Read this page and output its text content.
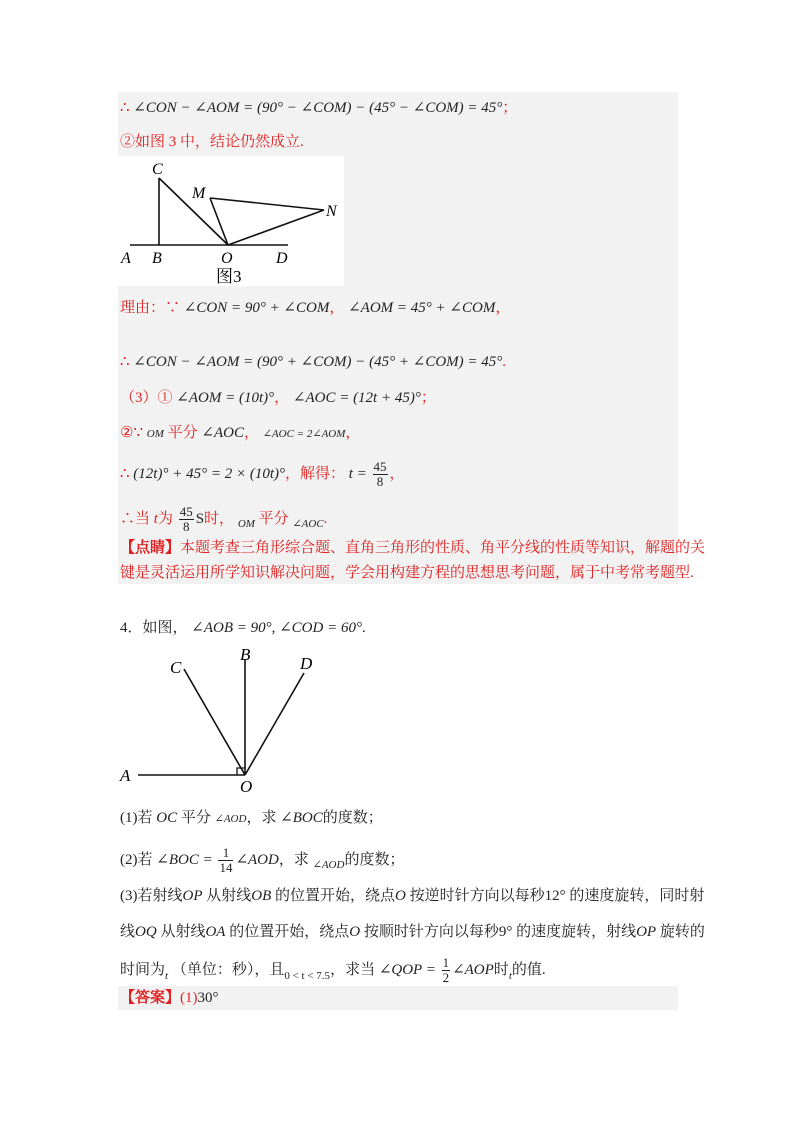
∴ ∠CON − ∠AOM = (90° − ∠COM) − (45° − ∠COM) = 45°；
②如图 3 中，结论仍然成立.
C
M
N
A B	O	D
图3
理由：∵ ∠CON = 90° + ∠COM， ∠AOM = 45° + ∠COM，
∴ ∠CON − ∠AOM = (90° + ∠COM) − (45° + ∠COM) = 45°.
（3）① ∠AOM = (10t)°， ∠AOC = (12t + 45)°；
②∵ OM 平分 ∠AOC， ∠AOC = 2∠AOM，
∴ (12t)° + 45° = 2 × (10t)°，解得： $t = \frac{45}{8}$ ，
∴当 t为 $\frac{45}{8}$ S时， $_{OM}$ 平分 $_{\angle AOC}$.
【点睛】本题考查三角形综合题、直角三角形的性质、角平分线的性质等知识，解题的关
键是灵活运用所学知识解决问题，学会用构建方程的思想思考问题，属于中考常考题型.
4．如图， ∠AOB = 90°, ∠COD = 60°.
A
B
C	D
O
(1)若 OC 平分 ∠AOD，求 ∠BOC的度数；
(2)若 ∠BOC = $\frac{1}{14}$ ∠AOD，求 $_{\angle AOD}$的度数；
(3)若射线OP 从射线OB 的位置开始，绕点O 按逆时针方向以每秒12° 的速度旋转，同时射
线OQ 从射线OA 的位置开始，绕点O 按顺时针方向以每秒9° 的速度旋转，射线OP 旋转的
时间为$_t$ （单位：秒），且$_{0 < t < 7.5}$，求当 ∠QOP = $\frac{1}{2}$ ∠AOP时$_t$的值.
【答案】(1)30°
